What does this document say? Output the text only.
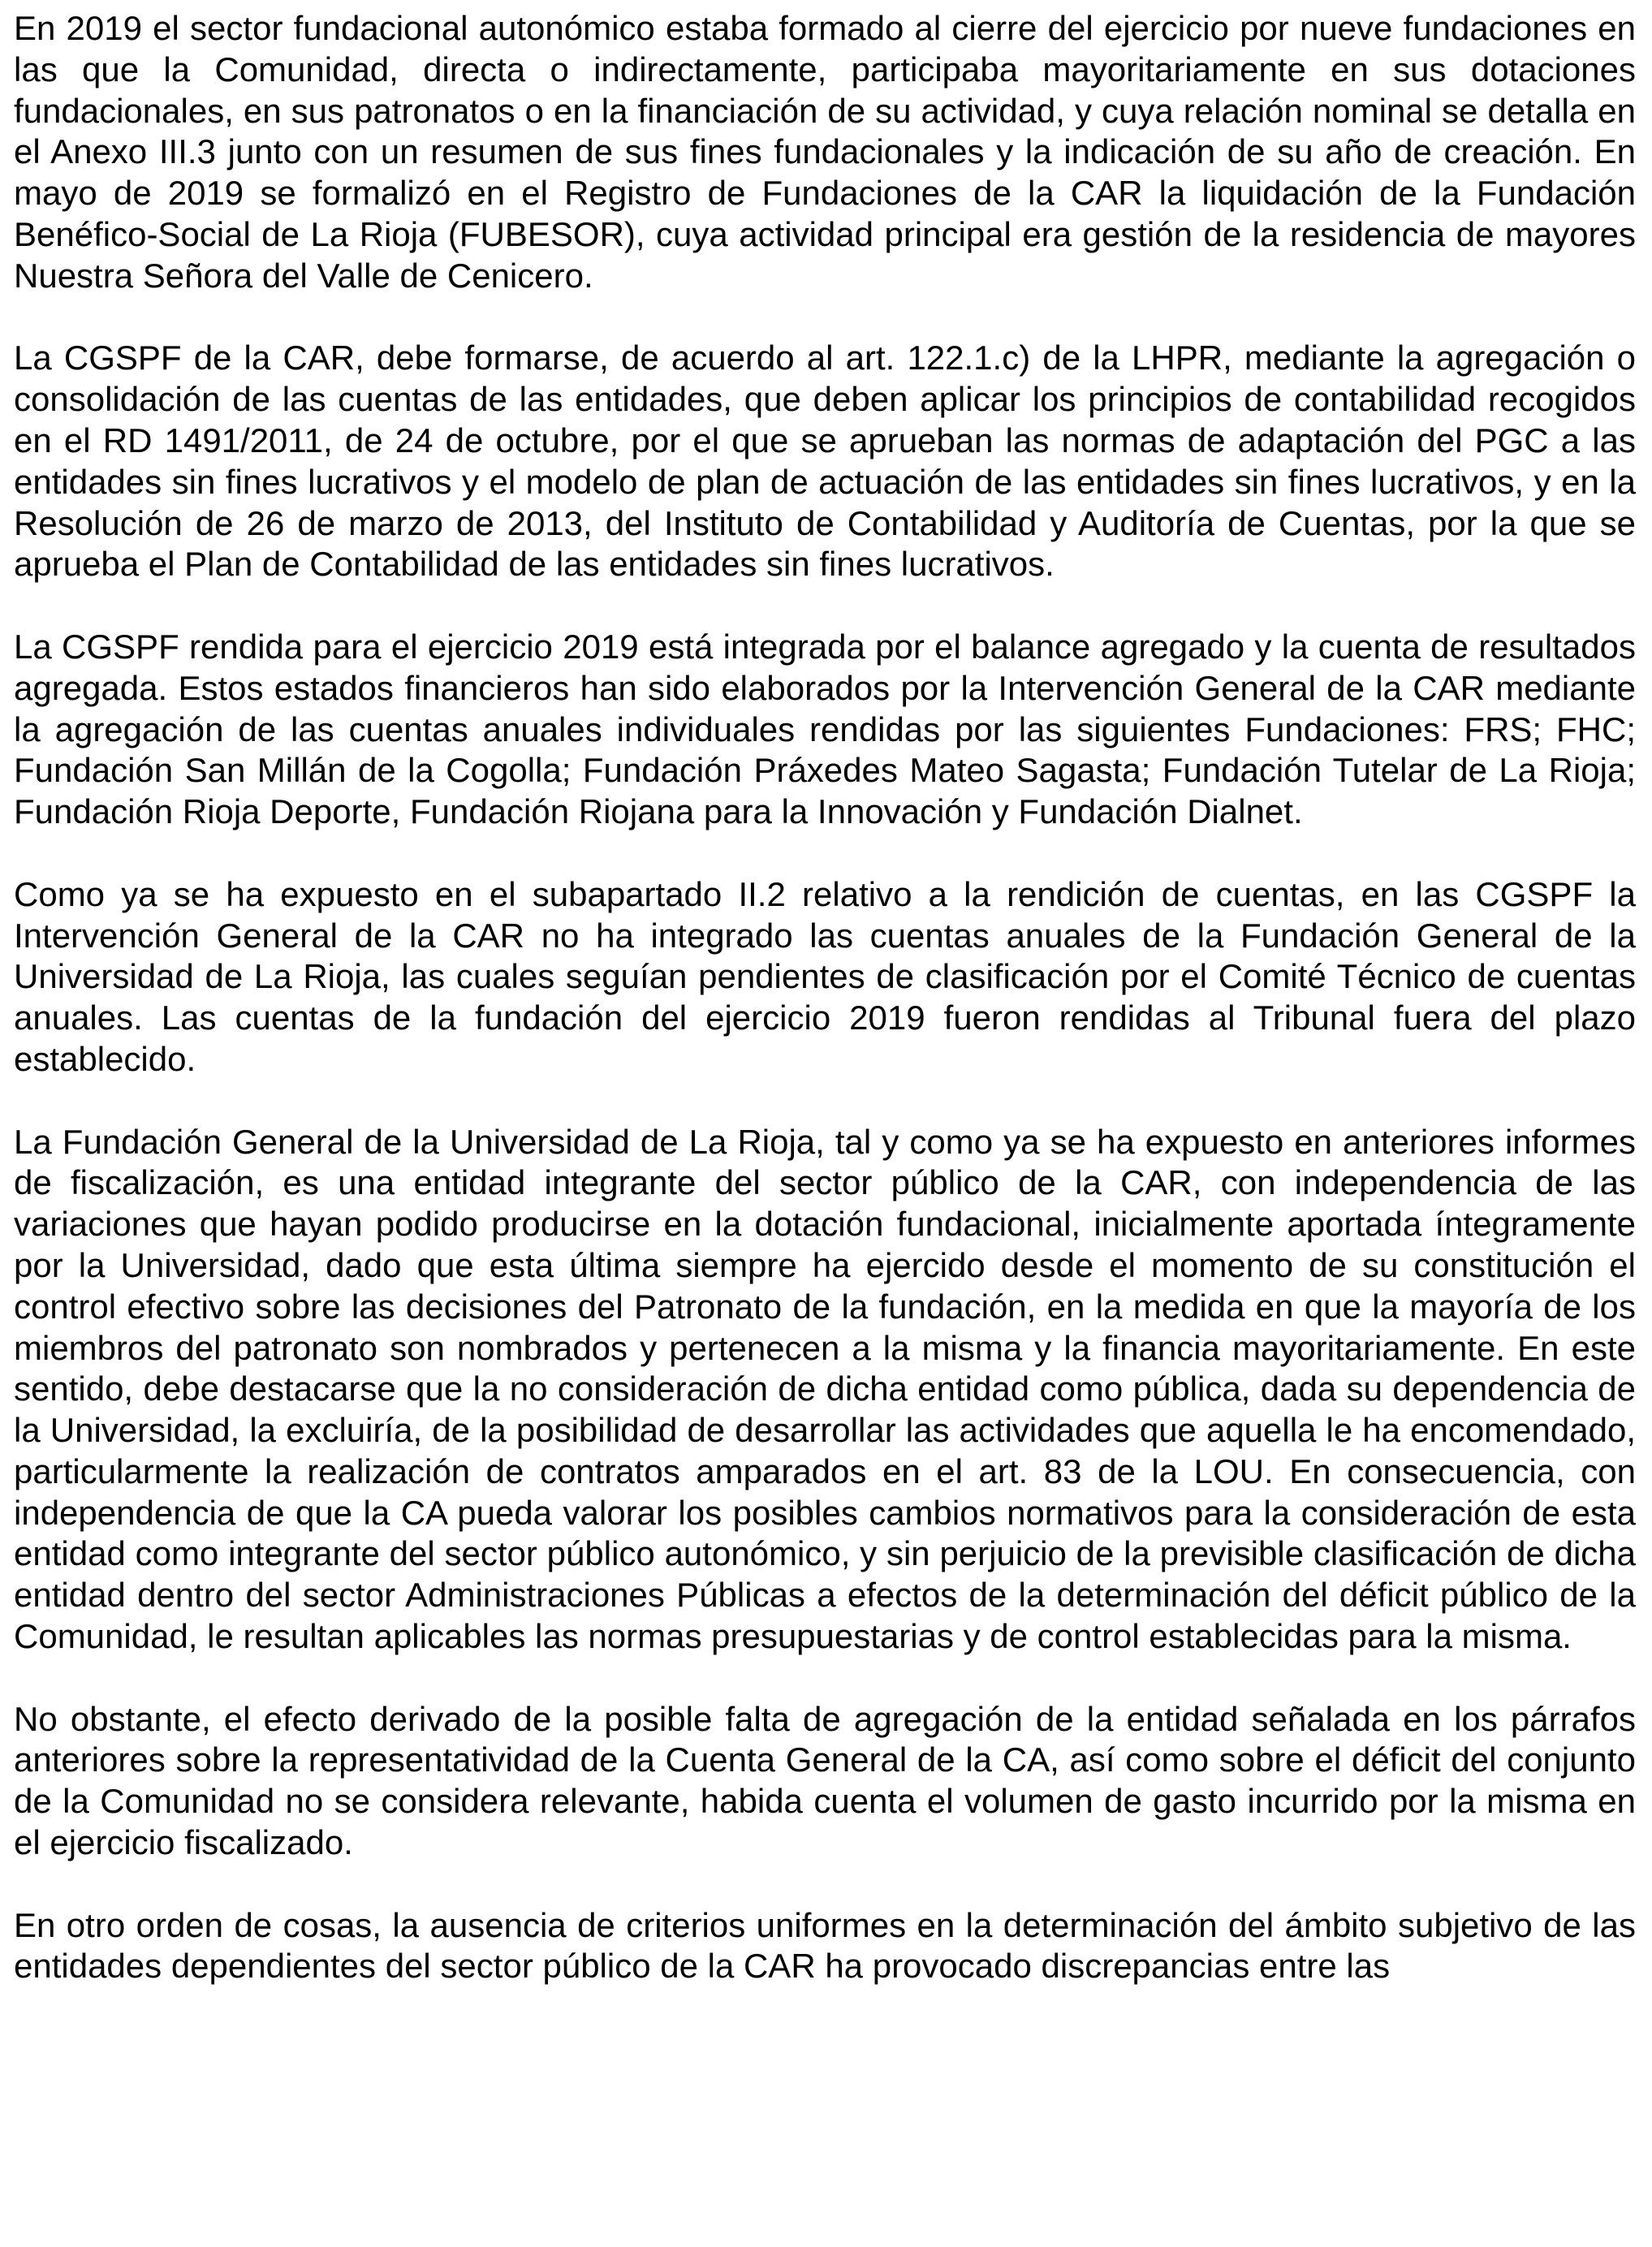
En 2019 el sector fundacional autonómico estaba formado al cierre del ejercicio por nueve fundaciones en las que la Comunidad, directa o indirectamente, participaba mayoritariamente en sus dotaciones fundacionales, en sus patronatos o en la financiación de su actividad, y cuya relación nominal se detalla en el Anexo III.3 junto con un resumen de sus fines fundacionales y la indicación de su año de creación. En mayo de 2019 se formalizó en el Registro de Fundaciones de la CAR la liquidación de la Fundación Benéfico-Social de La Rioja (FUBESOR), cuya actividad principal era gestión de la residencia de mayores Nuestra Señora del Valle de Cenicero.

La CGSPF de la CAR, debe formarse, de acuerdo al art. 122.1.c) de la LHPR, mediante la agregación o consolidación de las cuentas de las entidades, que deben aplicar los principios de contabilidad recogidos en el RD 1491/2011, de 24 de octubre, por el que se aprueban las normas de adaptación del PGC a las entidades sin fines lucrativos y el modelo de plan de actuación de las entidades sin fines lucrativos, y en la Resolución de 26 de marzo de 2013, del Instituto de Contabilidad y Auditoría de Cuentas, por la que se aprueba el Plan de Contabilidad de las entidades sin fines lucrativos.

La CGSPF rendida para el ejercicio 2019 está integrada por el balance agregado y la cuenta de resultados agregada. Estos estados financieros han sido elaborados por la Intervención General de la CAR mediante la agregación de las cuentas anuales individuales rendidas por las siguientes Fundaciones: FRS; FHC; Fundación San Millán de la Cogolla; Fundación Práxedes Mateo Sagasta; Fundación Tutelar de La Rioja; Fundación Rioja Deporte, Fundación Riojana para la Innovación y Fundación Dialnet.

Como ya se ha expuesto en el subapartado II.2 relativo a la rendición de cuentas, en las CGSPF la Intervención General de la CAR no ha integrado las cuentas anuales de la Fundación General de la Universidad de La Rioja, las cuales seguían pendientes de clasificación por el Comité Técnico de cuentas anuales. Las cuentas de la fundación del ejercicio 2019 fueron rendidas al Tribunal fuera del plazo establecido.

La Fundación General de la Universidad de La Rioja, tal y como ya se ha expuesto en anteriores informes de fiscalización, es una entidad integrante del sector público de la CAR, con independencia de las variaciones que hayan podido producirse en la dotación fundacional, inicialmente aportada íntegramente por la Universidad, dado que esta última siempre ha ejercido desde el momento de su constitución el control efectivo sobre las decisiones del Patronato de la fundación, en la medida en que la mayoría de los miembros del patronato son nombrados y pertenecen a la misma y la financia mayoritariamente. En este sentido, debe destacarse que la no consideración de dicha entidad como pública, dada su dependencia de la Universidad, la excluiría, de la posibilidad de desarrollar las actividades que aquella le ha encomendado, particularmente la realización de contratos amparados en el art. 83 de la LOU. En consecuencia, con independencia de que la CA pueda valorar los posibles cambios normativos para la consideración de esta entidad como integrante del sector público autonómico, y sin perjuicio de la previsible clasificación de dicha entidad dentro del sector Administraciones Públicas a efectos de la determinación del déficit público de la Comunidad, le resultan aplicables las normas presupuestarias y de control establecidas para la misma.

No obstante, el efecto derivado de la posible falta de agregación de la entidad señalada en los párrafos anteriores sobre la representatividad de la Cuenta General de la CA, así como sobre el déficit del conjunto de la Comunidad no se considera relevante, habida cuenta el volumen de gasto incurrido por la misma en el ejercicio fiscalizado.

En otro orden de cosas, la ausencia de criterios uniformes en la determinación del ámbito subjetivo de las entidades dependientes del sector público de la CAR ha provocado discrepancias entre las
